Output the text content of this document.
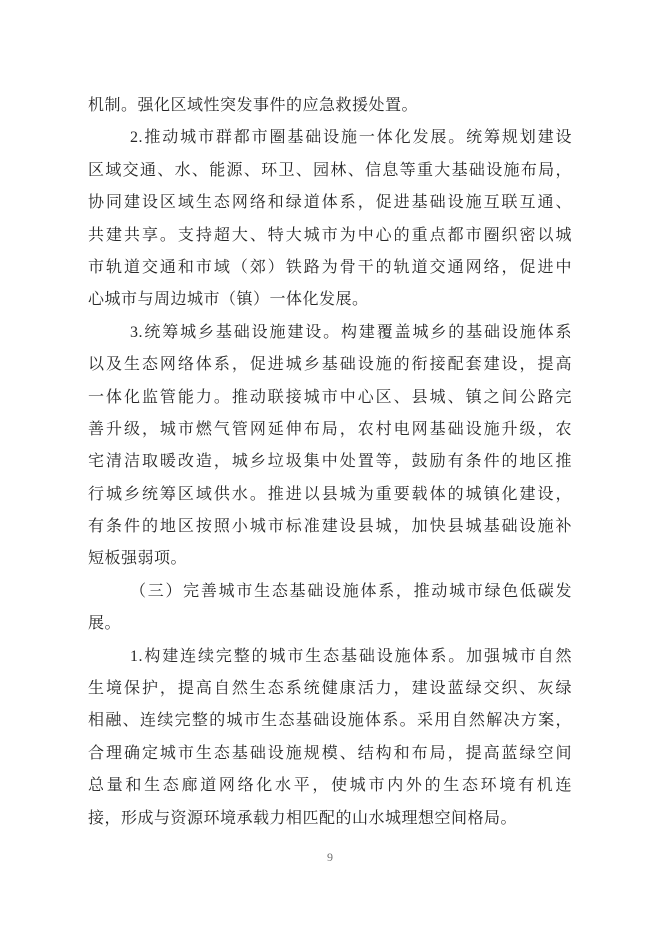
机制。强化区域性突发事件的应急救援处置。
2.推动城市群都市圈基础设施一体化发展。统筹规划建设
区域交通、水、能源、环卫、园林、信息等重大基础设施布局，
协同建设区域生态网络和绿道体系，促进基础设施互联互通、
共建共享。支持超大、特大城市为中心的重点都市圈织密以城
市轨道交通和市域（郊）铁路为骨干的轨道交通网络，促进中
心城市与周边城市（镇）一体化发展。
3.统筹城乡基础设施建设。构建覆盖城乡的基础设施体系
以及生态网络体系，促进城乡基础设施的衔接配套建设，提高
一体化监管能力。推动联接城市中心区、县城、镇之间公路完
善升级，城市燃气管网延伸布局，农村电网基础设施升级，农
宅清洁取暖改造，城乡垃圾集中处置等，鼓励有条件的地区推
行城乡统筹区域供水。推进以县城为重要载体的城镇化建设，
有条件的地区按照小城市标准建设县城，加快县城基础设施补
短板强弱项。
（三）完善城市生态基础设施体系，推动城市绿色低碳发
展。
1.构建连续完整的城市生态基础设施体系。加强城市自然
生境保护，提高自然生态系统健康活力，建设蓝绿交织、灰绿
相融、连续完整的城市生态基础设施体系。采用自然解决方案，
合理确定城市生态基础设施规模、结构和布局，提高蓝绿空间
总量和生态廊道网络化水平，使城市内外的生态环境有机连
接，形成与资源环境承载力相匹配的山水城理想空间格局。
9
